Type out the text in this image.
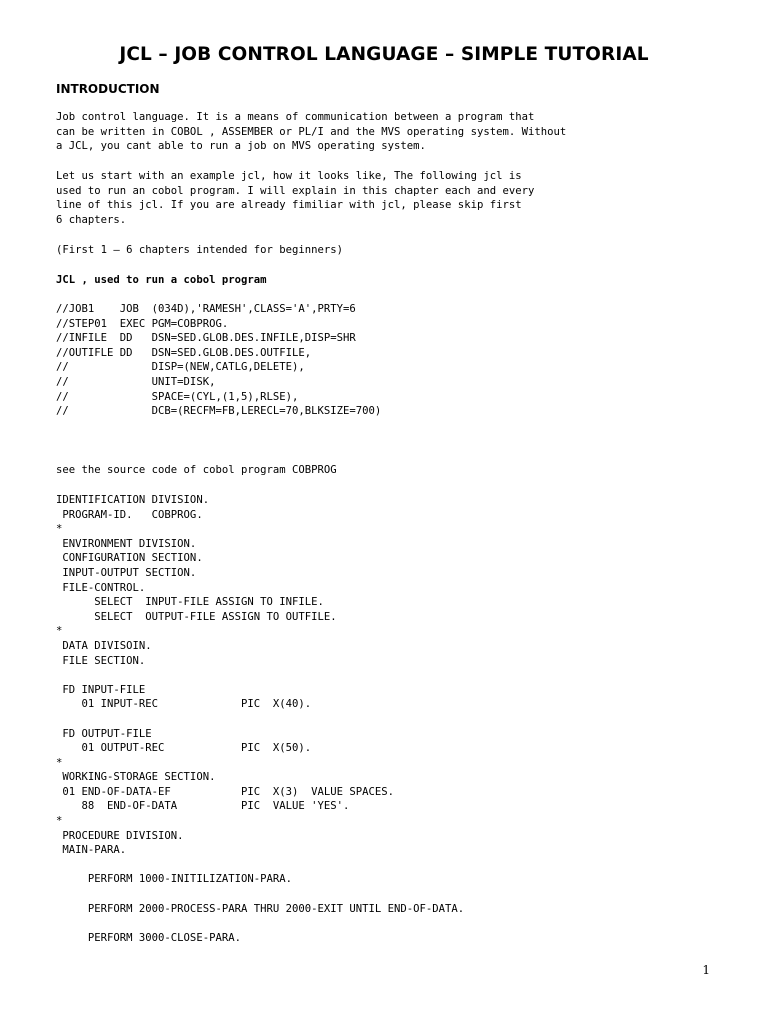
JCL – JOB CONTROL LANGUAGE – SIMPLE TUTORIAL
INTRODUCTION
Job control language. It is a means of communication between a program that
can be written in COBOL , ASSEMBER or PL/I and the MVS operating system. Without
a JCL, you cant able to run a job on MVS operating system.
Let us start with an example jcl, how it looks like, The following jcl is
used to run an cobol program. I will explain in this chapter each and every
line of this jcl. If you are already fimiliar with jcl, please skip first
6 chapters.
(First 1 – 6 chapters intended for beginners)
JCL , used to run a cobol program
//JOB1    JOB  (034D),'RAMESH',CLASS='A',PRTY=6
//STEP01  EXEC PGM=COBPROG.
//INFILE  DD   DSN=SED.GLOB.DES.INFILE,DISP=SHR
//OUTIFLE DD   DSN=SED.GLOB.DES.OUTFILE,
//             DISP=(NEW,CATLG,DELETE),
//             UNIT=DISK,
//             SPACE=(CYL,(1,5),RLSE),
//             DCB=(RECFM=FB,LERECL=70,BLKSIZE=700)
see the source code of cobol program COBPROG
IDENTIFICATION DIVISION.
PROGRAM-ID.   COBPROG.
*
ENVIRONMENT DIVISION.
CONFIGURATION SECTION.
INPUT-OUTPUT SECTION.
FILE-CONTROL.
SELECT  INPUT-FILE ASSIGN TO INFILE.
SELECT  OUTPUT-FILE ASSIGN TO OUTFILE.
*
DATA DIVISOIN.
FILE SECTION.

FD INPUT-FILE
01 INPUT-REC             PIC  X(40).

FD OUTPUT-FILE
01 OUTPUT-REC            PIC  X(50).
*
WORKING-STORAGE SECTION.
01 END-OF-DATA-EF           PIC  X(3)  VALUE SPACES.
88  END-OF-DATA          PIC  VALUE 'YES'.
*
PROCEDURE DIVISION.
MAIN-PARA.

PERFORM 1000-INITILIZATION-PARA.

PERFORM 2000-PROCESS-PARA THRU 2000-EXIT UNTIL END-OF-DATA.

PERFORM 3000-CLOSE-PARA.
1
